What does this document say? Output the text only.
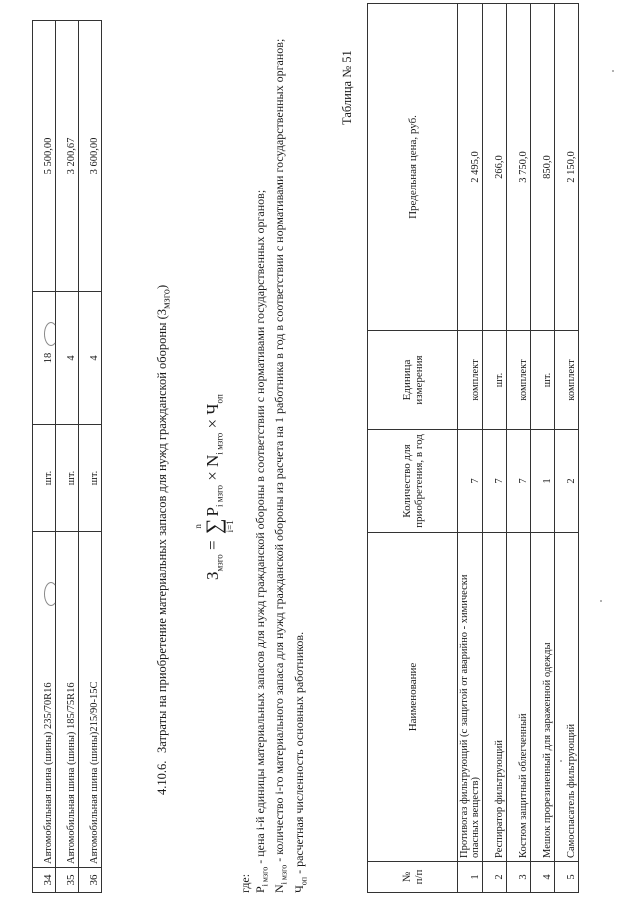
34	Автомобильная шина (шины) 235/70R16	шт.	18	5 500,00
35	Автомобильная шина (шины) 185/75R16	шт.	4	3 200,67
36	Автомобильная шина (шины)215/90-15С	шт.	4	3 600,00
4.10.6.Затраты на приобретение материальных запасов для нужд гражданской обороны $(З_{мзго})$
$З_{мзго}$ =
n
∑ i=1
$P_{i мзго} \times N_{i мзго} \times Ч_{оп}$

где: $P_{i мзго}$ - цена i-й единицы материальных запасов для нужд гражданской обороны в соответствии с нормативами государственных органов;

$N_{i мзго}$ - количество i-го материального запаса для нужд гражданской обороны из расчета на 1 работника в год в соответствии с нормативами государственных органов;

$Ч_{оп}$ - расчетная численность основных работников.

Таблица № 51
№ п/п	Наименование	Количество для приобретения, в год	Единица измерения	Предельная цена, руб.
1	Противогаз фильтрующий (с защитой от аварийно - химически опасных веществ)	7	комплект	2 495,0
2	Респиратор фильтрующий	7	шт.	266,0
3	Костюм защитный облегченный	7	комплект	3 750,0
4	Мешок прорезиненный для зараженной одежды	1	шт.	850,0
5	Самоспасатель фильтрующий	2	комплект	2 150,0
